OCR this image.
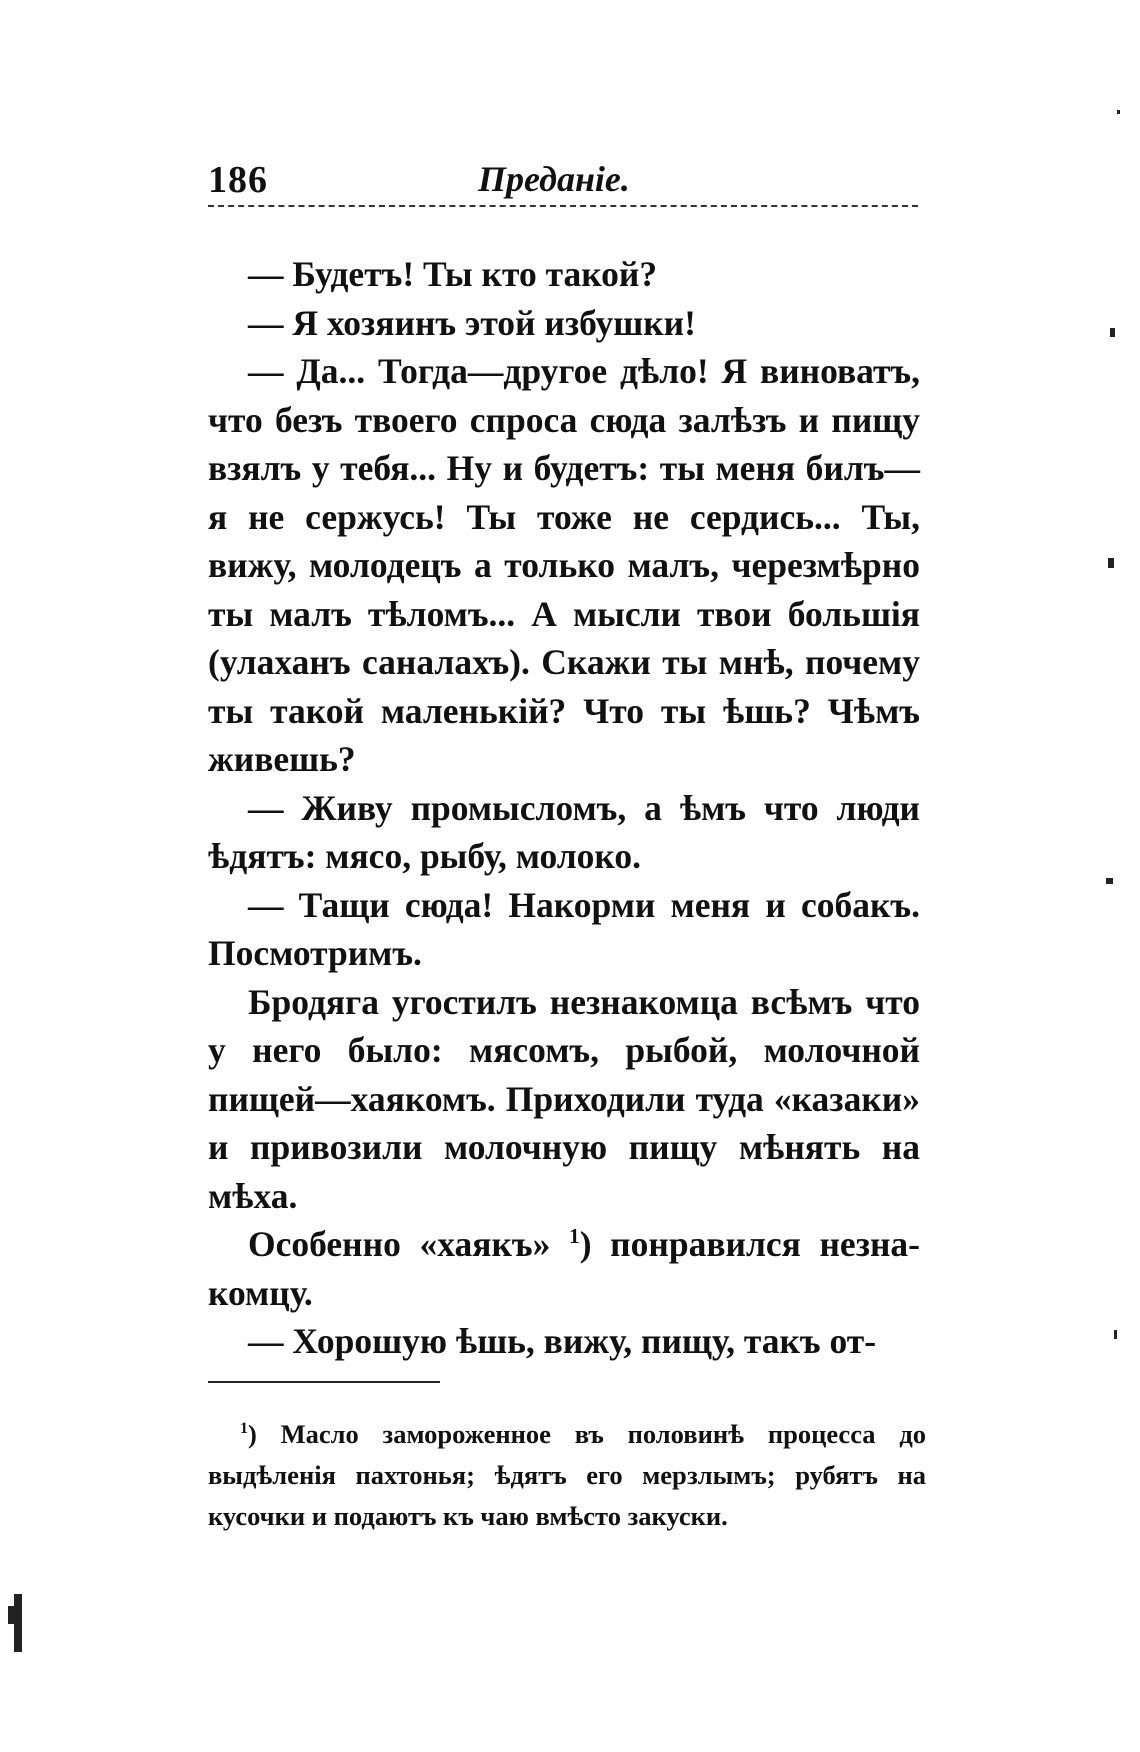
186	Преданіе.

— Будетъ! Ты кто такой?

— Я хозяинъ этой избушки!

— Да... Тогда—другое дѣло! Я виноватъ, что безъ твоего спроса сюда залѣзъ и пищу взялъ у тебя... Ну и будетъ: ты меня билъ—я не сержусь! Ты тоже не сердись... Ты, вижу, молодецъ а только малъ, черезмѣрно ты малъ тѣломъ... А мысли твои большія (улаханъ саналахъ). Скажи ты мнѣ, почему ты такой маленькій? Что ты ѣшь? Чѣмъ живешь?

— Живу промысломъ, а ѣмъ что люди ѣдятъ: мясо, рыбу, молоко.

— Тащи сюда! Накорми меня и собакъ. Посмотримъ.

Бродяга угостилъ незнакомца всѣмъ что у него было: мясомъ, рыбой, молочной пищей—хаякомъ. Приходили туда «казаки» и привозили молочную пищу мѣнять на мѣха.

Особенно «хаякъ» $^1$) понравился незнакомцу.

— Хорошую ѣшь, вижу, пищу, такъ от-

$^1$) Масло замороженное въ половинѣ процесса до выдѣленія пахтонья; ѣдятъ его мерзлымъ; рубятъ на кусочки и подаютъ къ чаю вмѣсто закуски.
